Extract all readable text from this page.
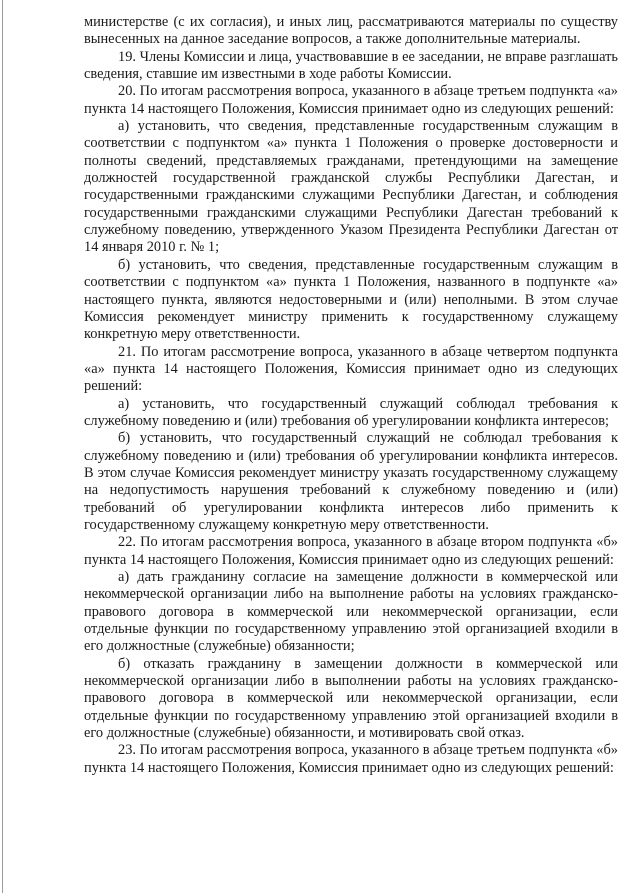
министерстве (с их согласия), и иных лиц, рассматриваются материалы по существу вынесенных на данное заседание вопросов, а также дополнительные материалы.

19. Члены Комиссии и лица, участвовавшие в ее заседании, не вправе разглашать сведения, ставшие им известными в ходе работы Комиссии.

20. По итогам рассмотрения вопроса, указанного в абзаце третьем подпункта «а» пункта 14 настоящего Положения, Комиссия принимает одно из следующих решений:

а) установить, что сведения, представленные государственным служащим в соответствии с подпунктом «а» пункта 1 Положения о проверке достоверности и полноты сведений, представляемых гражданами, претендующими на замещение должностей государственной гражданской службы Республики Дагестан, и государственными гражданскими служащими Республики Дагестан, и соблюдения государственными гражданскими служащими Республики Дагестан требований к служебному поведению, утвержденного Указом Президента Республики Дагестан от 14 января 2010 г. № 1;

б) установить, что сведения, представленные государственным служащим в соответствии с подпунктом «а» пункта 1 Положения, названного в подпункте «а» настоящего пункта, являются недостоверными и (или) неполными. В этом случае Комиссия рекомендует министру применить к государственному служащему конкретную меру ответственности.

21. По итогам рассмотрение вопроса, указанного в абзаце четвертом подпункта «а» пункта 14 настоящего Положения, Комиссия принимает одно из следующих решений:

а) установить, что государственный служащий соблюдал требования к служебному поведению и (или) требования об урегулировании конфликта интересов;

б) установить, что государственный служащий не соблюдал требования к служебному поведению и (или) требования об урегулировании конфликта интересов. В этом случае Комиссия рекомендует министру указать государственному служащему на недопустимость нарушения требований к служебному поведению и (или) требований об урегулировании конфликта интересов либо применить к государственному служащему конкретную меру ответственности.

22. По итогам рассмотрения вопроса, указанного в абзаце втором подпункта «б» пункта 14 настоящего Положения, Комиссия принимает одно из следующих решений:

а) дать гражданину согласие на замещение должности в коммерческой или некоммерческой организации либо на выполнение работы на условиях гражданско-правового договора в коммерческой или некоммерческой организации, если отдельные функции по государственному управлению этой организацией входили в его должностные (служебные) обязанности;

б) отказать гражданину в замещении должности в коммерческой или некоммерческой организации либо в выполнении работы на условиях гражданско-правового договора в коммерческой или некоммерческой организации, если отдельные функции по государственному управлению этой организацией входили в его должностные (служебные) обязанности, и мотивировать свой отказ.

23. По итогам рассмотрения вопроса, указанного в абзаце третьем подпункта «б» пункта 14 настоящего Положения, Комиссия принимает одно из следующих решений:
